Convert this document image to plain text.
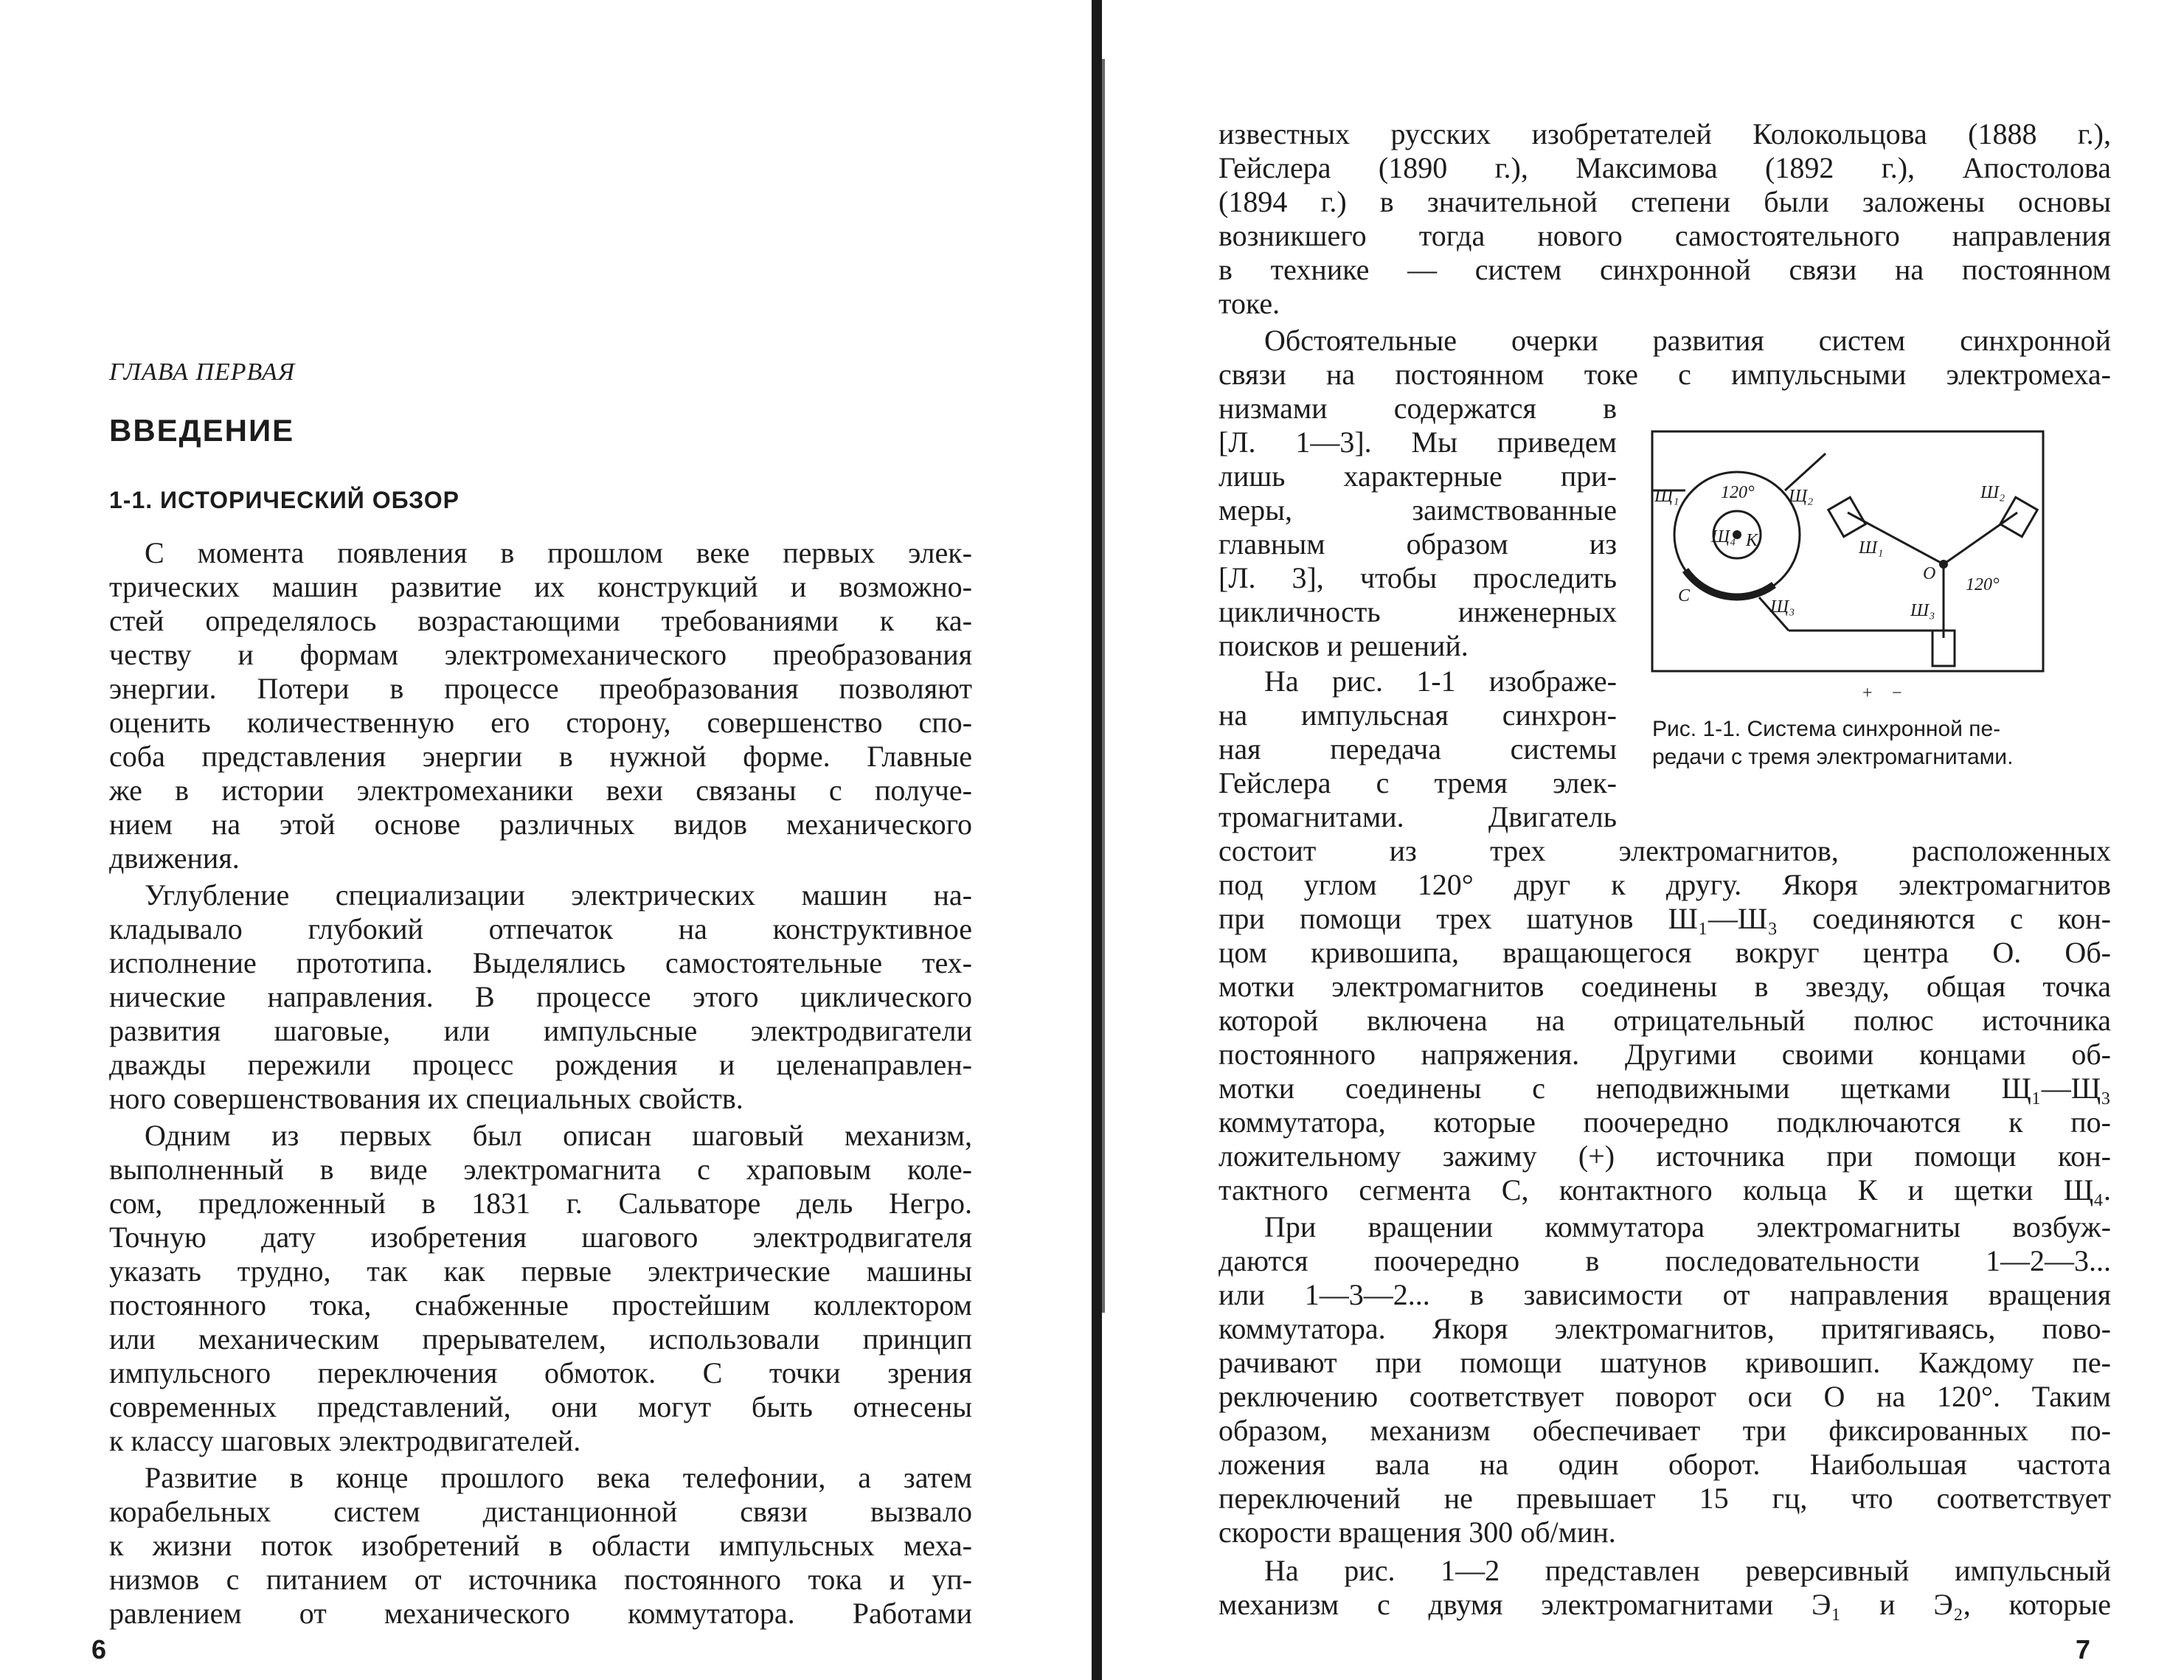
ГЛАВА ПЕРВАЯ
ВВЕДЕНИЕ
1-1. ИСТОРИЧЕСКИЙ ОБЗОР
С момента появления в прошлом веке первых элек-
трических машин развитие их конструкций и возможно-
стей определялось возрастающими требованиями к ка-
честву и формам электромеханического преобразования
энергии. Потери в процессе преобразования позволяют
оценить количественную его сторону, совершенство спо-
соба представления энергии в нужной форме. Главные
же в истории электромеханики вехи связаны с получе-
нием на этой основе различных видов механического
движения.
Углубление специализации электрических машин на-
кладывало глубокий отпечаток на конструктивное
исполнение прототипа. Выделялись самостоятельные тех-
нические направления. В процессе этого циклического
развития шаговые, или импульсные электродвигатели
дважды пережили процесс рождения и целенаправлен-
ного совершенствования их специальных свойств.
Одним из первых был описан шаговый механизм,
выполненный в виде электромагнита с храповым коле-
сом, предложенный в 1831 г. Сальваторе дель Негро.
Точную дату изобретения шагового электродвигателя
указать трудно, так как первые электрические машины
постоянного тока, снабженные простейшим коллектором
или механическим прерывателем, использовали принцип
импульсного переключения обмоток. С точки зрения
современных представлений, они могут быть отнесены
к классу шаговых электродвигателей.
Развитие в конце прошлого века телефонии, а затем
корабельных систем дистанционной связи вызвало
к жизни поток изобретений в области импульсных меха-
низмов с питанием от источника постоянного тока и уп-
равлением от механического коммутатора. Работами
6
известных русских изобретателей Колокольцова (1888 г.),
Гейслера (1890 г.), Максимова (1892 г.), Апостолова
(1894 г.) в значительной степени были заложены основы
возникшего тогда нового самостоятельного направления
в технике — систем синхронной связи на постоянном
токе.
Обстоятельные очерки развития систем синхронной
связи на постоянном токе с импульсными электромеха-
низмами содержатся в
[Л. 1—3]. Мы приведем
лишь характерные при-
меры, заимствованные
главным образом из
[Л. 3], чтобы проследить
цикличность инженерных
поисков и решений.
На рис. 1-1 изображе-
на импульсная синхрон-
ная передача системы
Гейслера с тремя элек-
тромагнитами. Двигатель
состоит из трех электромагнитов, расположенных
под углом 120° друг к другу. Якоря электромагнитов
при помощи трех шатунов Ш₁—Ш₃ соединяются с кон-
цом кривошипа, вращающегося вокруг центра О. Об-
мотки электромагнитов соединены в звезду, общая точка
которой включена на отрицательный полюс источника
постоянного напряжения. Другими своими концами об-
мотки соединены с неподвижными щетками Щ₁—Щ₃
коммутатора, которые поочередно подключаются к по-
ложительному зажиму (+) источника при помощи кон-
тактного сегмента С, контактного кольца К и щетки Щ₄.
При вращении коммутатора электромагниты возбуж-
даются поочередно в последовательности 1—2—3...
или 1—3—2... в зависимости от направления вращения
коммутатора. Якоря электромагнитов, притягиваясь, пово-
рачивают при помощи шатунов кривошип. Каждому пе-
реключению соответствует поворот оси О на 120°. Таким
образом, механизм обеспечивает три фиксированных по-
ложения вала на один оборот. Наибольшая частота
переключений не превышает 15 гц, что соответствует
скорости вращения 300 об/мин.
На рис. 1—2 представлен реверсивный импульсный
механизм с двумя электромагнитами Э₁ и Э₂, которые
7
Щ₁	Щ₂
Щ₃
Щ₄ К
С
120°
120°
Ш₁
Ш₂
Ш₃
О
+ −
Рис. 1-1. Система синхронной пе-
редачи с тремя электромагнитами.
